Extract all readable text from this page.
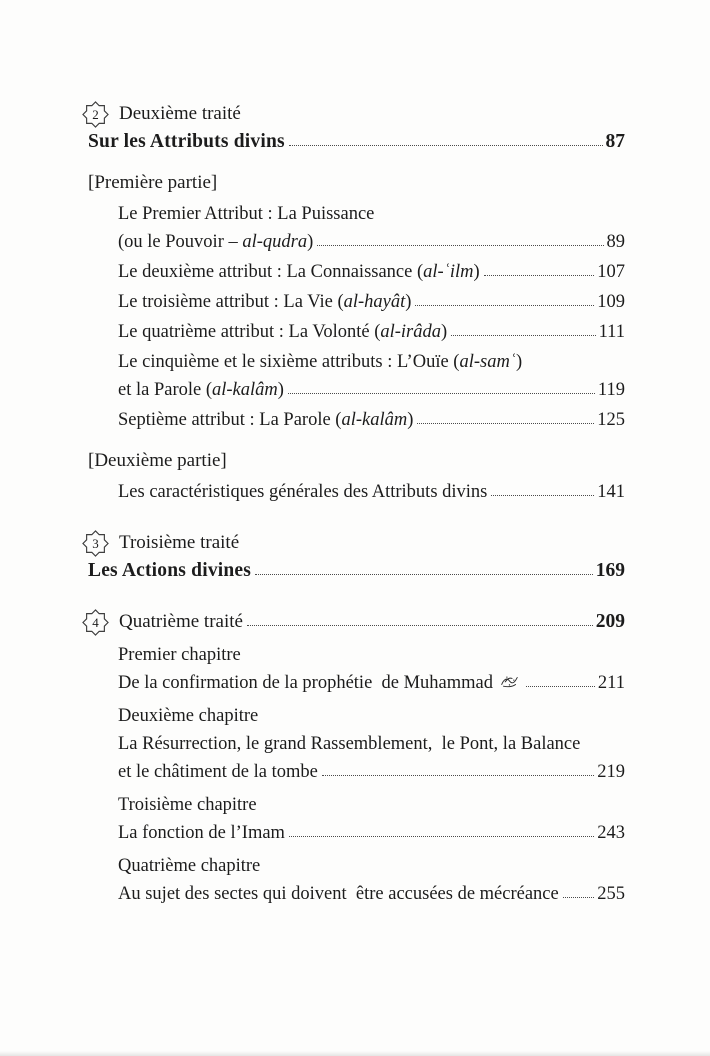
2 Deuxième traité
Sur les Attributs divins	87
[Première partie]
Le Premier Attribut : La Puissance
(ou le Pouvoir – al-qudra )	89
Le deuxième attribut : La Connaissance ( al-ʿilm )	107
Le troisième attribut : La Vie ( al-hayât )	109
Le quatrième attribut : La Volonté ( al-irâda )	111
Le cinquième et le sixième attributs : L’Ouïe ( al-samʿ )
et la Parole ( al-kalâm )	119
Septième attribut : La Parole ( al-kalâm )	125
[Deuxième partie]
Les caractéristiques générales des Attributs divins	141
3 Troisième traité
Les Actions divines	169
4 Quatrième traité	209
Premier chapitre
De la confirmation de la prophétie  de Muhammad	211
Deuxième chapitre
La Résurrection, le grand Rassemblement,  le Pont, la Balance
et le châtiment de la tombe	219
Troisième chapitre
La fonction de l’Imam	243
Quatrième chapitre
Au sujet des sectes qui doivent  être accusées de mécréance 255
